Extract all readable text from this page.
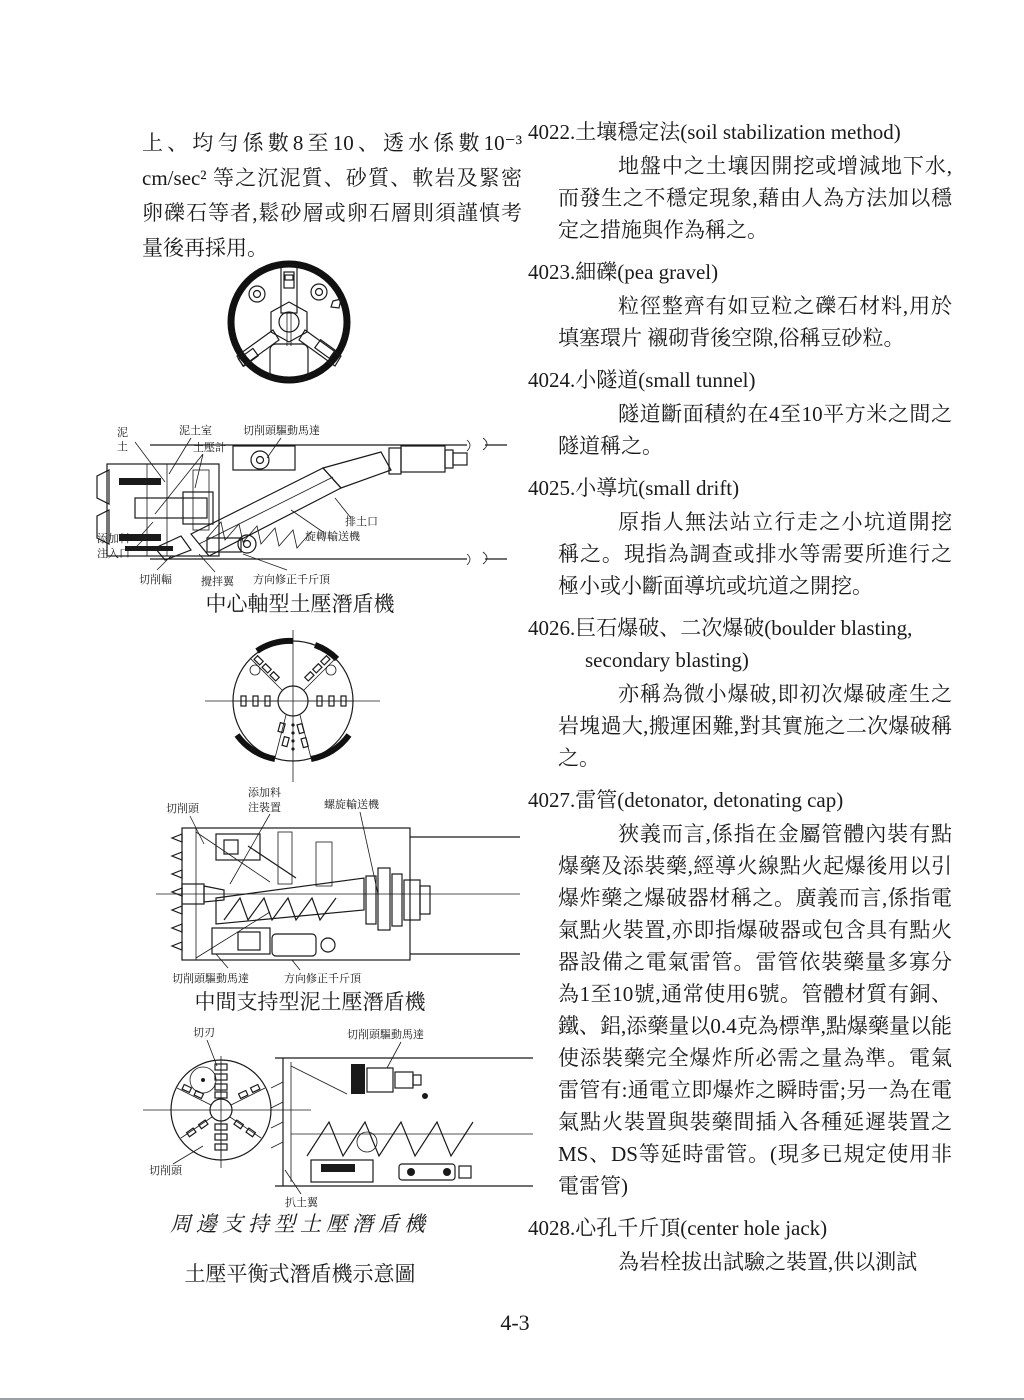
上、均勻係數8至10、透水係數10⁻³ cm/sec² 等之沉泥質、砂質、軟岩及緊密卵礫石等者,鬆砂層或卵石層則須謹慎考量後再採用。
泥
土
泥土室
土壓計
切削頭驅動馬達
排土口
旋轉輸送機
添加料
注入口
切削輻	攪拌翼 方向修正千斤頂
中心軸型土壓潛盾機
切削頭
添加料
注裝置	螺旋輸送機
切削頭驅動馬達	方向修正千斤頂
中間支持型泥土壓潛盾機
切刃	切削頭驅動馬達
切削頭
扒土翼
周邊支持型土壓潛盾機
土壓平衡式潛盾機示意圖
4022.土壤穩定法(soil stabilization method)
地盤中之土壤因開挖或增減地下水,而發生之不穩定現象,藉由人為方法加以穩定之措施與作為稱之。
4023.細礫(pea gravel)
粒徑整齊有如豆粒之礫石材料,用於填塞環片 襯砌背後空隙,俗稱豆砂粒。
4024.小隧道(small tunnel)
隧道斷面積約在4至10平方米之間之隧道稱之。
4025.小導坑(small drift)
原指人無法站立行走之小坑道開挖稱之。現指為調查或排水等需要所進行之極小或小斷面導坑或坑道之開挖。
4026.巨石爆破、二次爆破(boulder blasting,
secondary blasting)
亦稱為微小爆破,即初次爆破產生之岩塊過大,搬運困難,對其實施之二次爆破稱之。
4027.雷管(detonator, detonating cap)
狹義而言,係指在金屬管體內裝有點爆藥及添裝藥,經導火線點火起爆後用以引爆炸藥之爆破器材稱之。廣義而言,係指電氣點火裝置,亦即指爆破器或包含具有點火器設備之電氣雷管。雷管依裝藥量多寡分為1至10號,通常使用6號。管體材質有銅、鐵、鋁,添藥量以0.4克為標準,點爆藥量以能使添裝藥完全爆炸所必需之量為準。電氣雷管有:通電立即爆炸之瞬時雷;另一為在電氣點火裝置與裝藥間插入各種延遲裝置之MS、DS等延時雷管。(現多已規定使用非電雷管)
4028.心孔千斤頂(center hole jack)
為岩栓拔出試驗之裝置,供以測試
4-3
